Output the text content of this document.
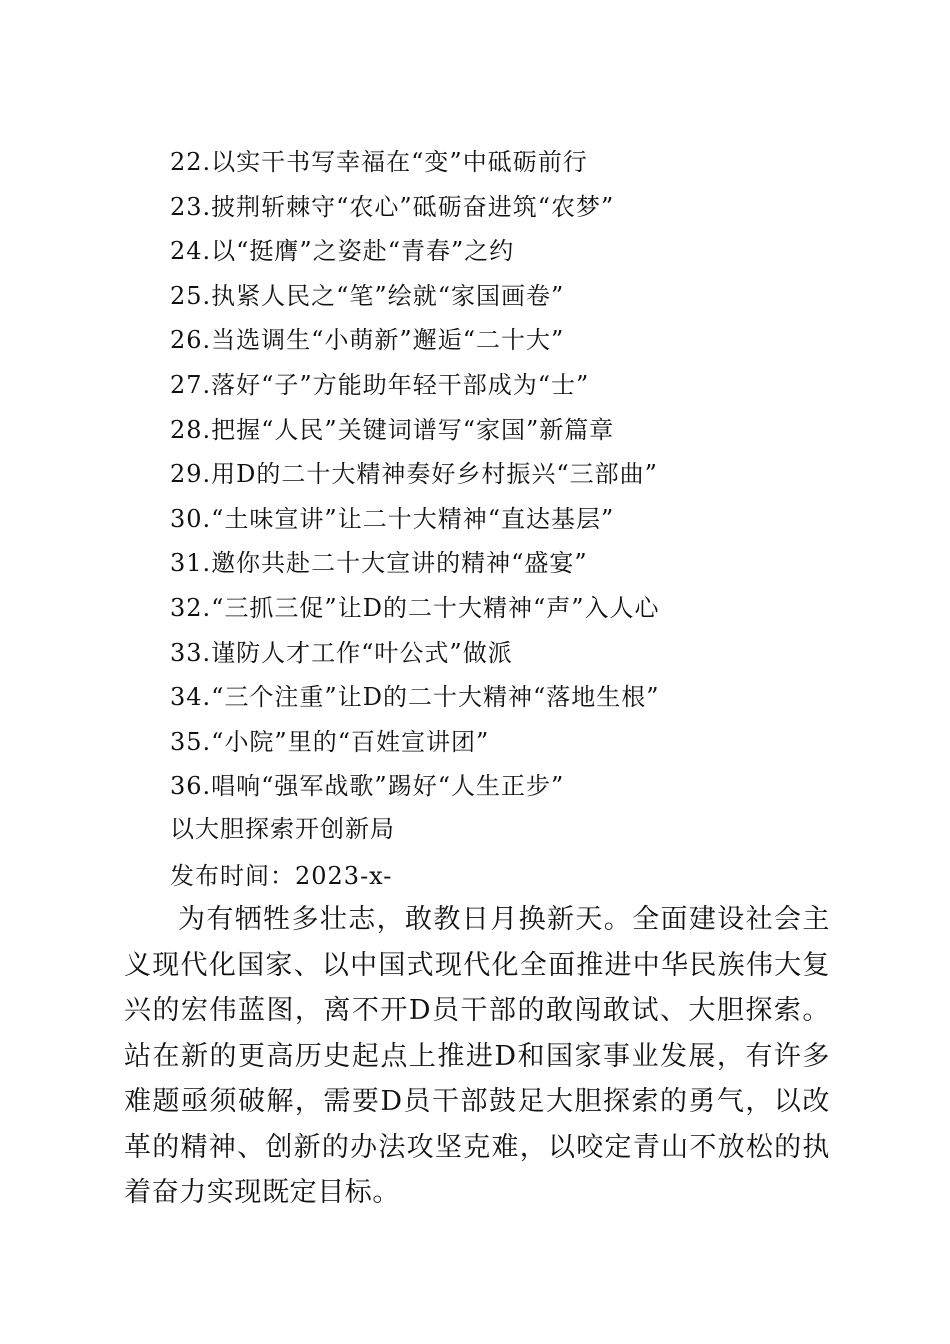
22.以实干书写幸福在“变”中砥砺前行
23.披荆斩棘守“农心”砥砺奋进筑“农梦”
24.以“挺膺”之姿赴“青春”之约
25.执紧人民之“笔”绘就“家国画卷”
26.当选调生“小萌新”邂逅“二十大”
27.落好“子”方能助年轻干部成为“士”
28.把握“人民”关键词谱写“家国”新篇章
29.用D的二十大精神奏好乡村振兴“三部曲”
30.“土味宣讲”让二十大精神“直达基层”
31.邀你共赴二十大宣讲的精神“盛宴”
32.“三抓三促”让D的二十大精神“声”入人心
33.谨防人才工作“叶公式”做派
34.“三个注重”让D的二十大精神“落地生根”
35.“小院”里的“百姓宣讲团”
36.唱响“强军战歌”踢好“人生正步”
以大胆探索开创新局
发布时间：2023-x-

为有牺牲多壮志，敢教日月换新天。全面建设社会主义现代化国家、以中国式现代化全面推进中华民族伟大复兴的宏伟蓝图，离不开D员干部的敢闯敢试、大胆探索。站在新的更高历史起点上推进D和国家事业发展，有许多难题亟须破解，需要D员干部鼓足大胆探索的勇气，以改革的精神、创新的办法攻坚克难，以咬定青山不放松的执着奋力实现既定目标。
